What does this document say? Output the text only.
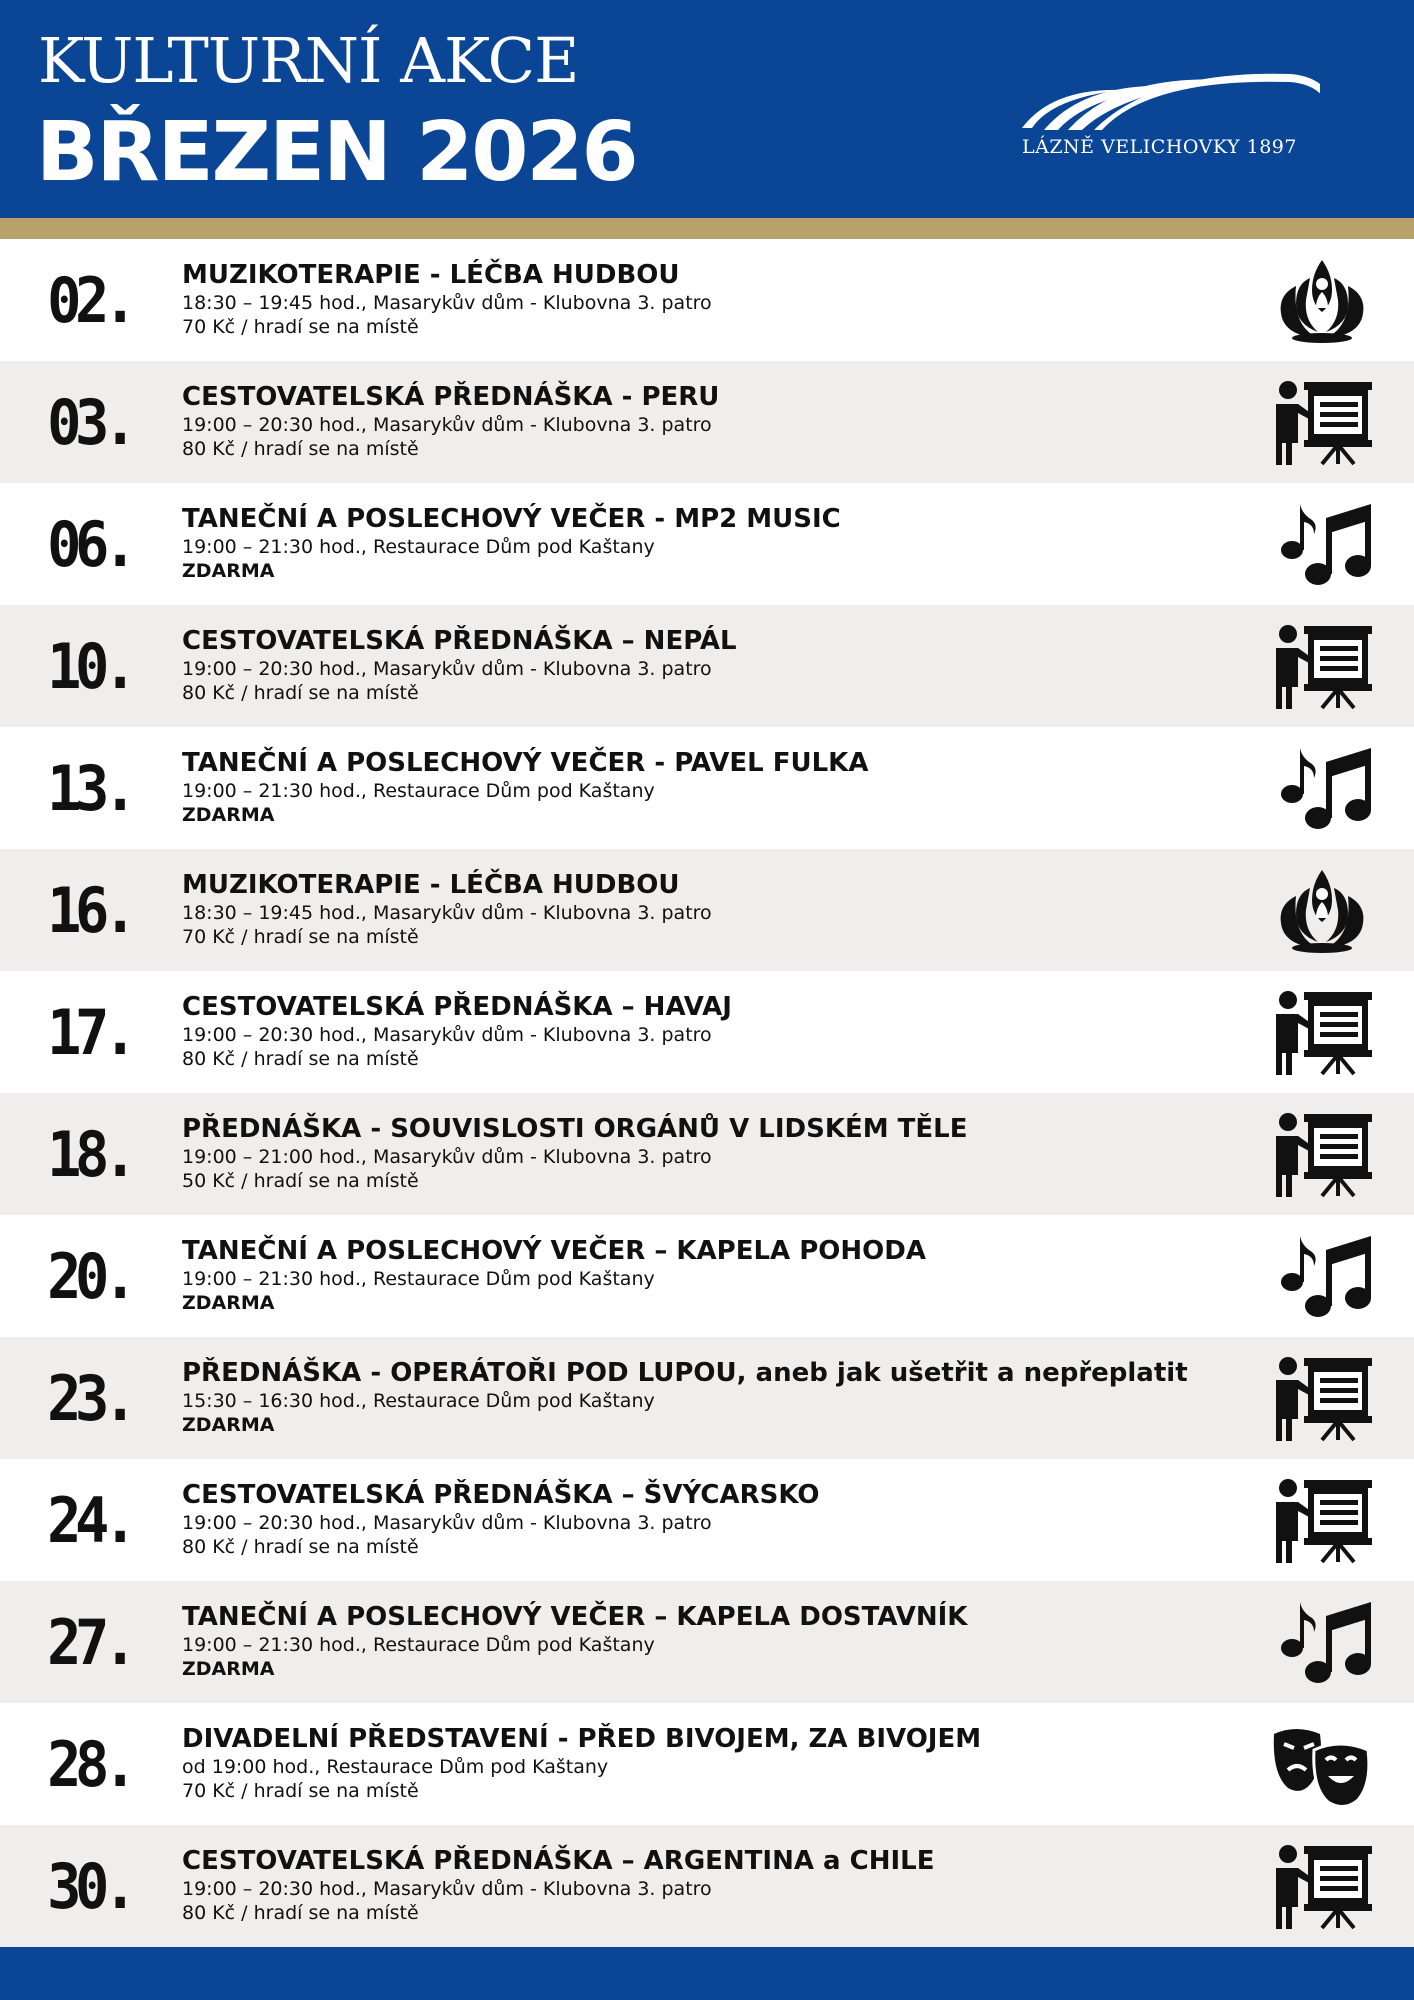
KULTURNÍ AKCE
BŘEZEN 2026	LÁZNĚ VELICHOVKY 1897
02.	MUZIKOTERAPIE - LÉČBA HUDBOU
18:30 – 19:45 hod., Masarykův dům - Klubovna 3. patro
70 Kč / hradí se na místě
03.	CESTOVATELSKÁ PŘEDNÁŠKA - PERU
19:00 – 20:30 hod., Masarykův dům - Klubovna 3. patro
80 Kč / hradí se na místě
06.	TANEČNÍ A POSLECHOVÝ VEČER - MP2 MUSIC
19:00 – 21:30 hod., Restaurace Dům pod Kaštany
ZDARMA
10.	CESTOVATELSKÁ PŘEDNÁŠKA – NEPÁL
19:00 – 20:30 hod., Masarykův dům - Klubovna 3. patro
80 Kč / hradí se na místě
13.	TANEČNÍ A POSLECHOVÝ VEČER - PAVEL FULKA
19:00 – 21:30 hod., Restaurace Dům pod Kaštany
ZDARMA
16.	MUZIKOTERAPIE - LÉČBA HUDBOU
18:30 – 19:45 hod., Masarykův dům - Klubovna 3. patro
70 Kč / hradí se na místě
17.	CESTOVATELSKÁ PŘEDNÁŠKA – HAVAJ
19:00 – 20:30 hod., Masarykův dům - Klubovna 3. patro
80 Kč / hradí se na místě
18.	PŘEDNÁŠKA - SOUVISLOSTI ORGÁNŮ V LIDSKÉM TĚLE
19:00 – 21:00 hod., Masarykův dům - Klubovna 3. patro
50 Kč / hradí se na místě
20.	TANEČNÍ A POSLECHOVÝ VEČER – KAPELA POHODA
19:00 – 21:30 hod., Restaurace Dům pod Kaštany
ZDARMA
23.	PŘEDNÁŠKA - OPERÁTOŘI POD LUPOU, aneb jak ušetřit a nepřeplatit
15:30 – 16:30 hod., Restaurace Dům pod Kaštany
ZDARMA
24.	CESTOVATELSKÁ PŘEDNÁŠKA – ŠVÝCARSKO
19:00 – 20:30 hod., Masarykův dům - Klubovna 3. patro
80 Kč / hradí se na místě
27.	TANEČNÍ A POSLECHOVÝ VEČER – KAPELA DOSTAVNÍK
19:00 – 21:30 hod., Restaurace Dům pod Kaštany
ZDARMA
28.	DIVADELNÍ PŘEDSTAVENÍ - PŘED BIVOJEM, ZA BIVOJEM
od 19:00 hod., Restaurace Dům pod Kaštany
70 Kč / hradí se na místě
30.	CESTOVATELSKÁ PŘEDNÁŠKA – ARGENTINA a CHILE
19:00 – 20:30 hod., Masarykův dům - Klubovna 3. patro
80 Kč / hradí se na místě
